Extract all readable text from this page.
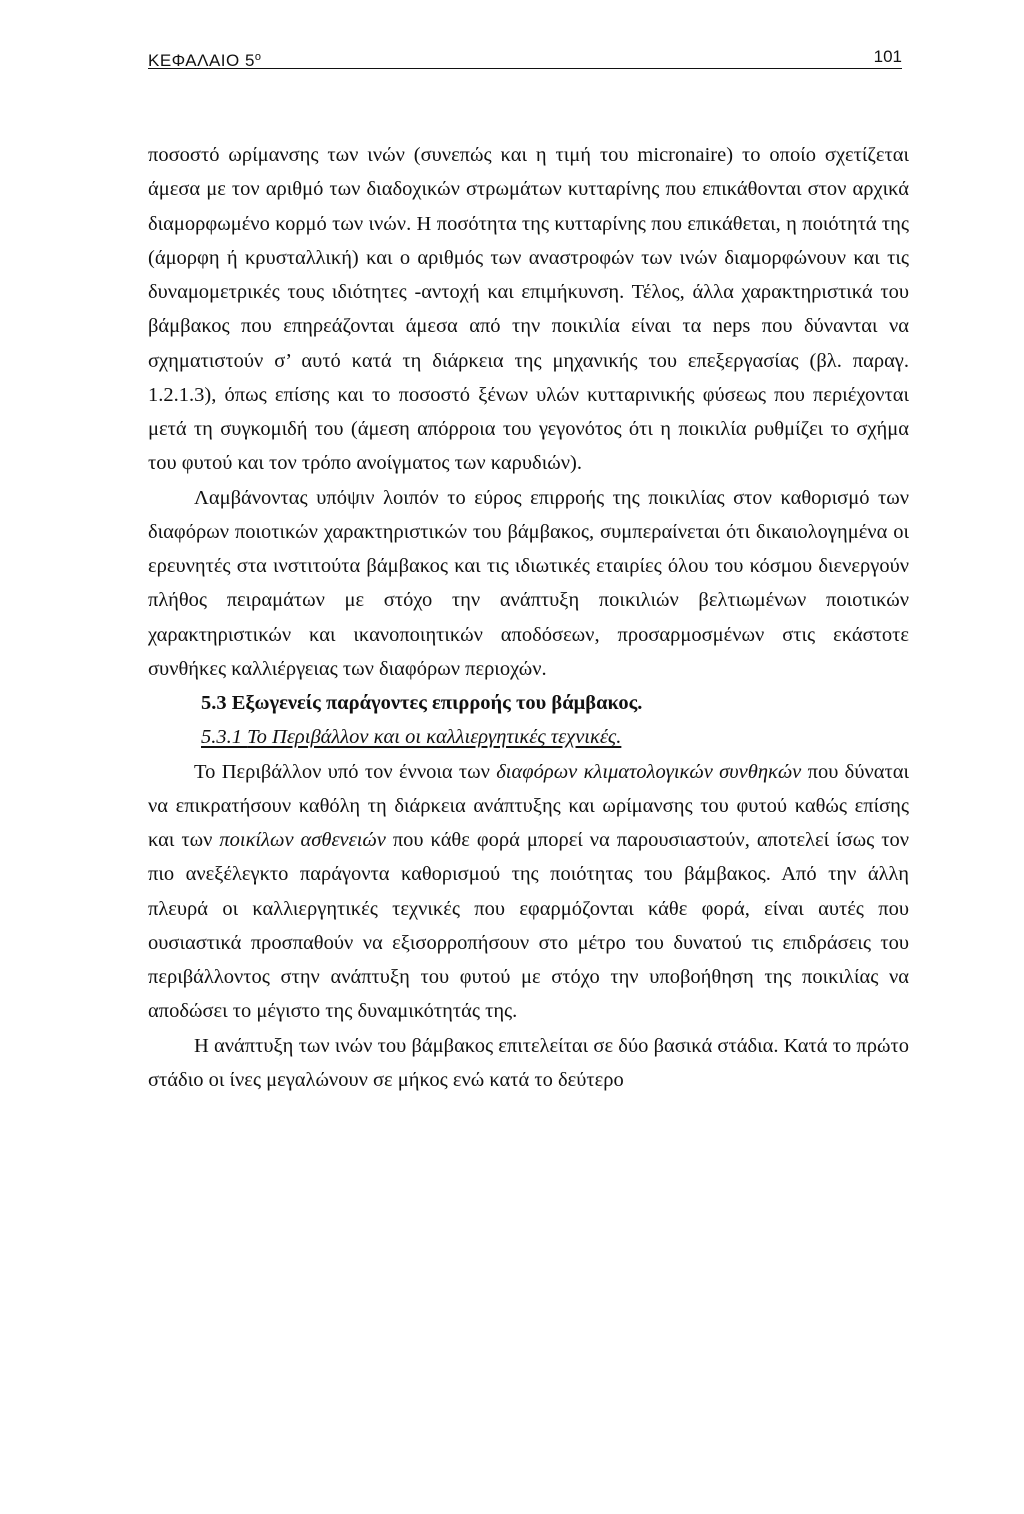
ΚΕΦΑΛΑΙΟ $5^o$	101

ποσοστό ωρίμανσης των ινών (συνεπώς και η τιμή του micronaire) το οποίο σχετίζεται άμεσα με τον αριθμό των διαδοχικών στρωμάτων κυτταρίνης που επικάθονται στον αρχικά διαμορφωμένο κορμό των ινών. Η ποσότητα της κυτταρίνης που επικάθεται, η ποιότητά της (άμορφη ή κρυσταλλική) και ο αριθμός των αναστροφών των ινών διαμορφώνουν και τις δυναμομετρικές τους ιδιότητες -αντοχή και επιμήκυνση. Τέλος, άλλα χαρακτηριστικά του βάμβακος που επηρεάζονται άμεσα από την ποικιλία είναι τα neps που δύνανται να σχηματιστούν σ’ αυτό κατά τη διάρκεια της μηχανικής του επεξεργασίας (βλ. παραγ. 1.2.1.3), όπως επίσης και το ποσοστό ξένων υλών κυτταρινικής φύσεως που περιέχονται μετά τη συγκομιδή του (άμεση απόρροια του γεγονότος ότι η ποικιλία ρυθμίζει το σχήμα του φυτού και τον τρόπο ανοίγματος των καρυδιών).

Λαμβάνοντας υπόψιν λοιπόν το εύρος επιρροής της ποικιλίας στον καθορισμό των διαφόρων ποιοτικών χαρακτηριστικών του βάμβακος, συμπεραίνεται ότι δικαιολογημένα οι ερευνητές στα ινστιτούτα βάμβακος και τις ιδιωτικές εταιρίες όλου του κόσμου διενεργούν πλήθος πειραμάτων με στόχο την ανάπτυξη ποικιλιών βελτιωμένων ποιοτικών χαρακτηριστικών και ικανοποιητικών αποδόσεων, προσαρμοσμένων στις εκάστοτε συνθήκες καλλιέργειας των διαφόρων περιοχών.

5.3 Εξωγενείς παράγοντες επιρροής του βάμβακος.

5.3.1 Το Περιβάλλον και οι καλλιεργητικές τεχνικές.

Το Περιβάλλον υπό τον έννοια των διαφόρων κλιματολογικών συνθηκών που δύναται να επικρατήσουν καθόλη τη διάρκεια ανάπτυξης και ωρίμανσης του φυτού καθώς επίσης και των ποικίλων ασθενειών που κάθε φορά μπορεί να παρουσιαστούν, αποτελεί ίσως τον πιο ανεξέλεγκτο παράγοντα καθορισμού της ποιότητας του βάμβακος. Από την άλλη πλευρά οι καλλιεργητικές τεχνικές που εφαρμόζονται κάθε φορά, είναι αυτές που ουσιαστικά προσπαθούν να εξισορροπήσουν στο μέτρο του δυνατού τις επιδράσεις του περιβάλλοντος στην ανάπτυξη του φυτού με στόχο την υποβοήθηση της ποικιλίας να αποδώσει το μέγιστο της δυναμικότητάς της.

Η ανάπτυξη των ινών του βάμβακος επιτελείται σε δύο βασικά στάδια. Κατά το πρώτο στάδιο οι ίνες μεγαλώνουν σε μήκος ενώ κατά το δεύτερο
